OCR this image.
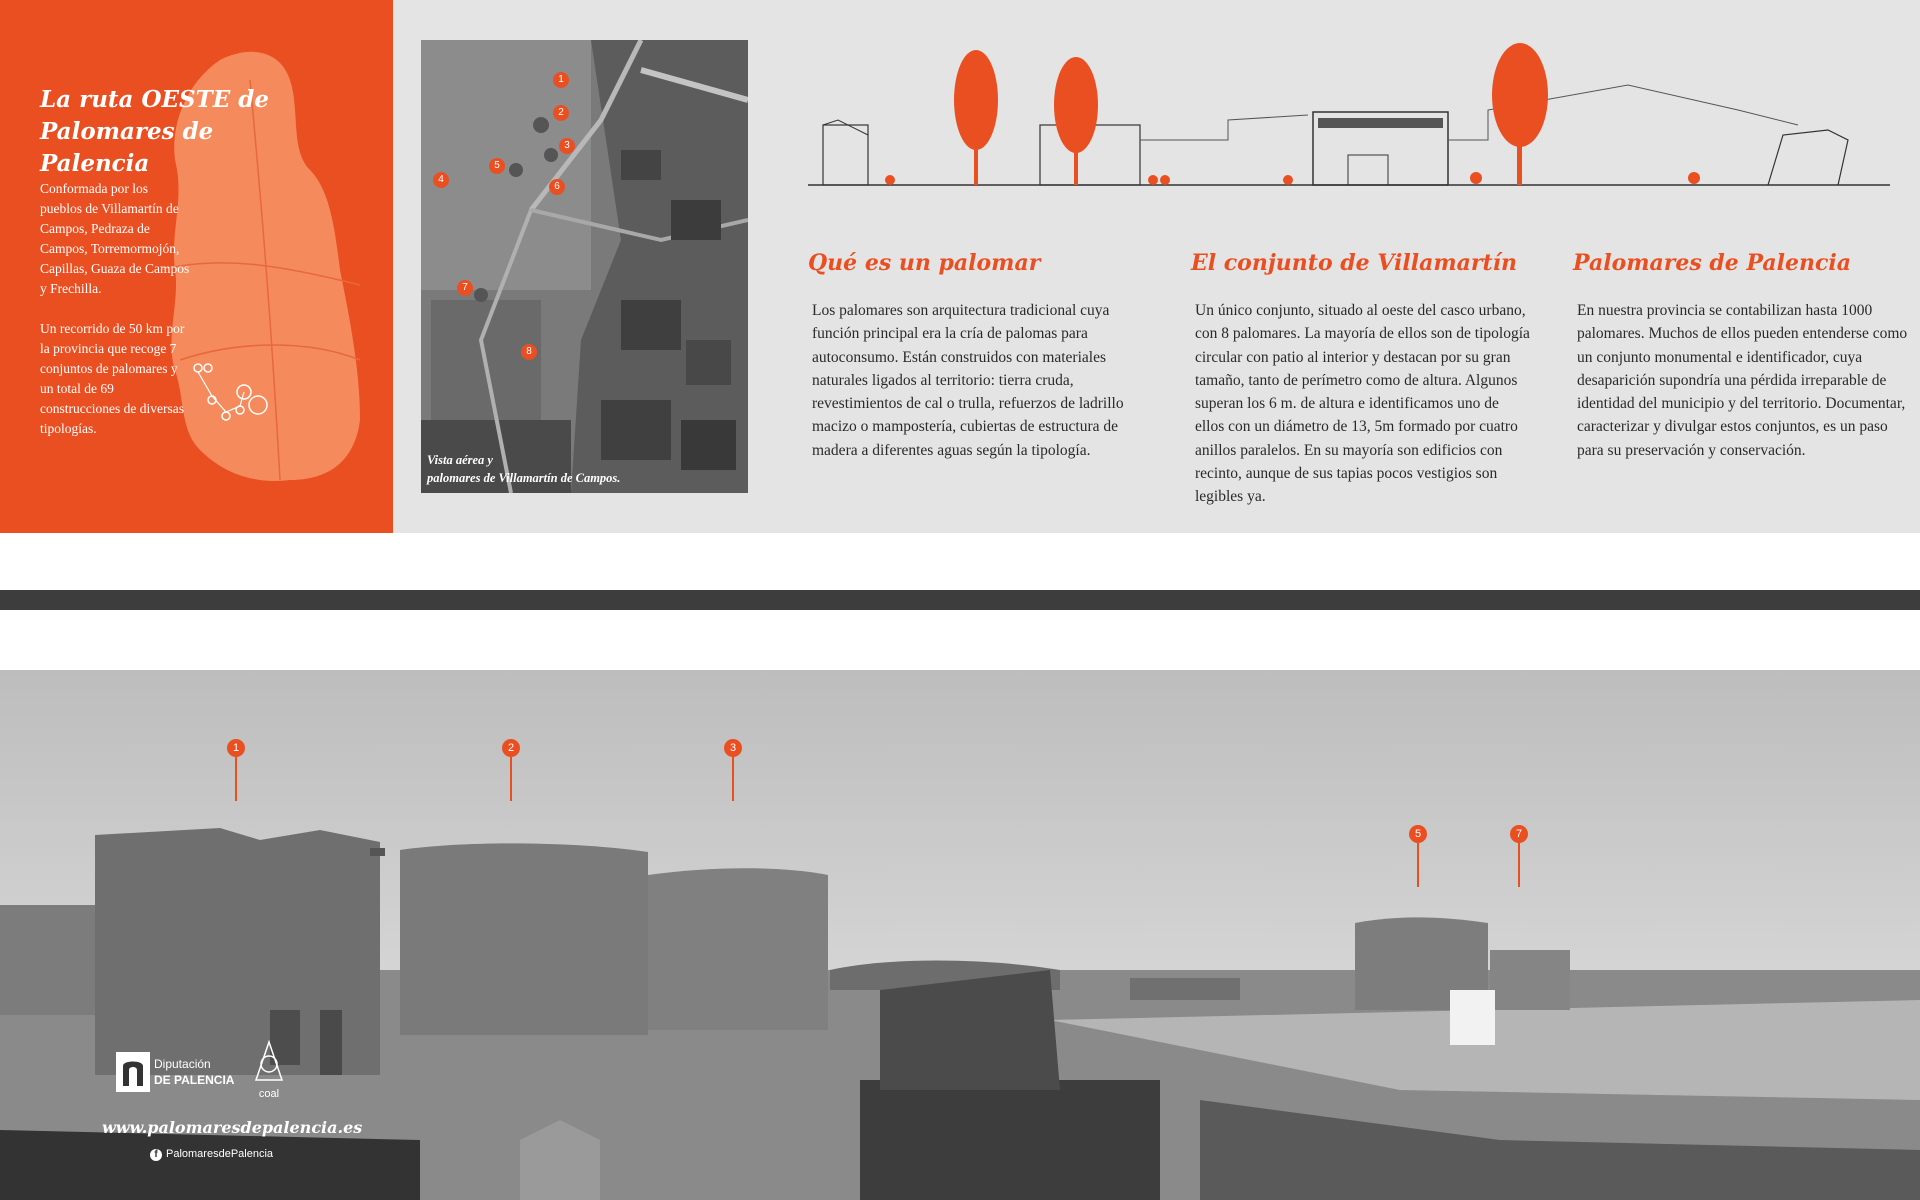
La ruta OESTE de
Palomares de Palencia

Conformada por los pueblos de Villamartín de Campos, Pedraza de Campos, Torremormojón, Capillas, Guaza de Campos y Frechilla.

Un recorrido de 50 km por la provincia que recoge 7 conjuntos de palomares y un total de 69 construcciones de diversas tipologías.

1
2
3
4
5
6
7
8
Vista aérea y
palomares de Villamartín de Campos.
Qué es un palomar

Los palomares son arquitectura tradicional cuya función principal era la cría de palomas para autoconsumo. Están construidos con materiales naturales ligados al territorio: tierra cruda, revestimientos de cal o trulla, refuerzos de ladrillo macizo o mampostería, cubiertas de estructura de madera a diferentes aguas según la tipología.

El conjunto de Villamartín

Un único conjunto, situado al oeste del casco urbano, con 8 palomares. La mayoría de ellos son de tipología circular con patio al interior y destacan por su gran tamaño, tanto de perímetro como de altura. Algunos superan los 6 m. de altura e identificamos uno de ellos con un diámetro de 13, 5m formado por cuatro anillos paralelos. En su mayoría son edificios con recinto, aunque de sus tapias pocos vestigios son legibles ya.

Palomares de Palencia

En nuestra provincia se contabilizan hasta 1000 palomares. Muchos de ellos pueden entenderse como un conjunto monumental e identificador, cuya desaparición supondría una pérdida irreparable de identidad del municipio y del territorio. Documentar, caracterizar y divulgar estos conjuntos, es un paso para su preservación y conservación.

1	2	3
5	7
Diputación
DE PALENCIA
coal
www.palomaresdepalencia.es
f PalomaresdePalencia
